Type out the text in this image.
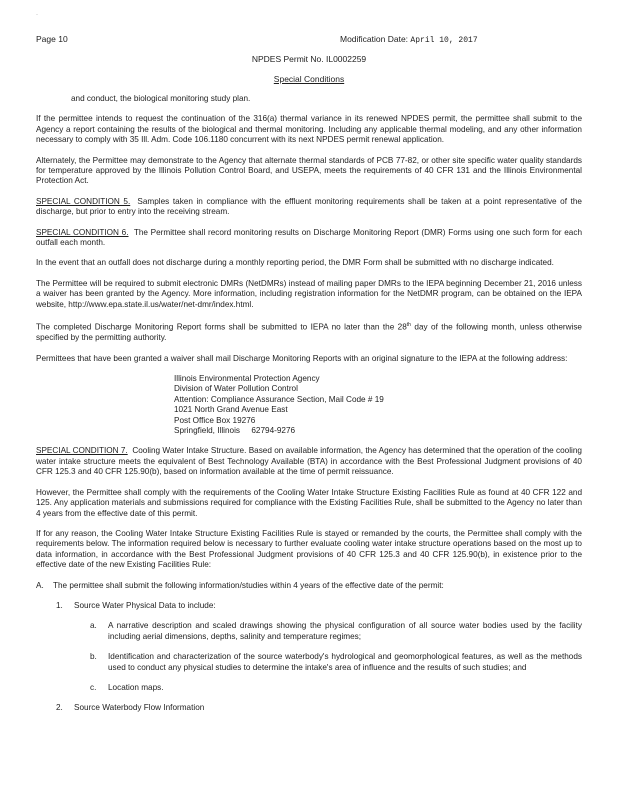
·
Page 10	Modification Date: April 10, 2017
NPDES Permit No. IL0002259
Special Conditions

and conduct, the biological monitoring study plan.

If the permittee intends to request the continuation of the 316(a) thermal variance in its renewed NPDES permit, the permittee shall submit to the Agency a report containing the results of the biological and thermal monitoring. Including any applicable thermal modeling, and any other information necessary to comply with 35 Ill. Adm. Code 106.1180 concurrent with its next NPDES permit renewal application.

Alternately, the Permittee may demonstrate to the Agency that alternate thermal standards of PCB 77-82, or other site specific water quality standards for temperature approved by the Illinois Pollution Control Board, and USEPA, meets the requirements of 40 CFR 131 and the Illinois Environmental Protection Act.

SPECIAL CONDITION 5. Samples taken in compliance with the effluent monitoring requirements shall be taken at a point representative of the discharge, but prior to entry into the receiving stream.

SPECIAL CONDITION 6. The Permittee shall record monitoring results on Discharge Monitoring Report (DMR) Forms using one such form for each outfall each month.

In the event that an outfall does not discharge during a monthly reporting period, the DMR Form shall be submitted with no discharge indicated.

The Permittee will be required to submit electronic DMRs (NetDMRs) instead of mailing paper DMRs to the IEPA beginning December 21, 2016 unless a waiver has been granted by the Agency. More information, including registration information for the NetDMR program, can be obtained on the IEPA website, http://www.epa.state.il.us/water/net-dmr/index.html.

The completed Discharge Monitoring Report forms shall be submitted to IEPA no later than the 28th day of the following month, unless otherwise specified by the permitting authority.

Permittees that have been granted a waiver shall mail Discharge Monitoring Reports with an original signature to the IEPA at the following address:

Illinois Environmental Protection Agency
Division of Water Pollution Control
Attention: Compliance Assurance Section, Mail Code # 19
1021 North Grand Avenue East
Post Office Box 19276
Springfield, Illinois     62794-9276

SPECIAL CONDITION 7. Cooling Water Intake Structure. Based on available information, the Agency has determined that the operation of the cooling water intake structure meets the equivalent of Best Technology Available (BTA) in accordance with the Best Professional Judgment provisions of 40 CFR 125.3 and 40 CFR 125.90(b), based on information available at the time of permit reissuance.

However, the Permittee shall comply with the requirements of the Cooling Water Intake Structure Existing Facilities Rule as found at 40 CFR 122 and 125. Any application materials and submissions required for compliance with the Existing Facilities Rule, shall be submitted to the Agency no later than 4 years from the effective date of this permit.

If for any reason, the Cooling Water Intake Structure Existing Facilities Rule is stayed or remanded by the courts, the Permittee shall comply with the requirements below. The information required below is necessary to further evaluate cooling water intake structure operations based on the most up to data information, in accordance with the Best Professional Judgment provisions of 40 CFR 125.3 and 40 CFR 125.90(b), in existence prior to the effective date of the new Existing Facilities Rule:

A. The permittee shall submit the following information/studies within 4 years of the effective date of the permit:
1. Source Water Physical Data to include:
a. A narrative description and scaled drawings showing the physical configuration of all source water bodies used by the facility including aerial dimensions, depths, salinity and temperature regimes;
b. Identification and characterization of the source waterbody's hydrological and geomorphological features, as well as the methods used to conduct any physical studies to determine the intake's area of influence and the results of such studies; and
c. Location maps.
2. Source Waterbody Flow Information
